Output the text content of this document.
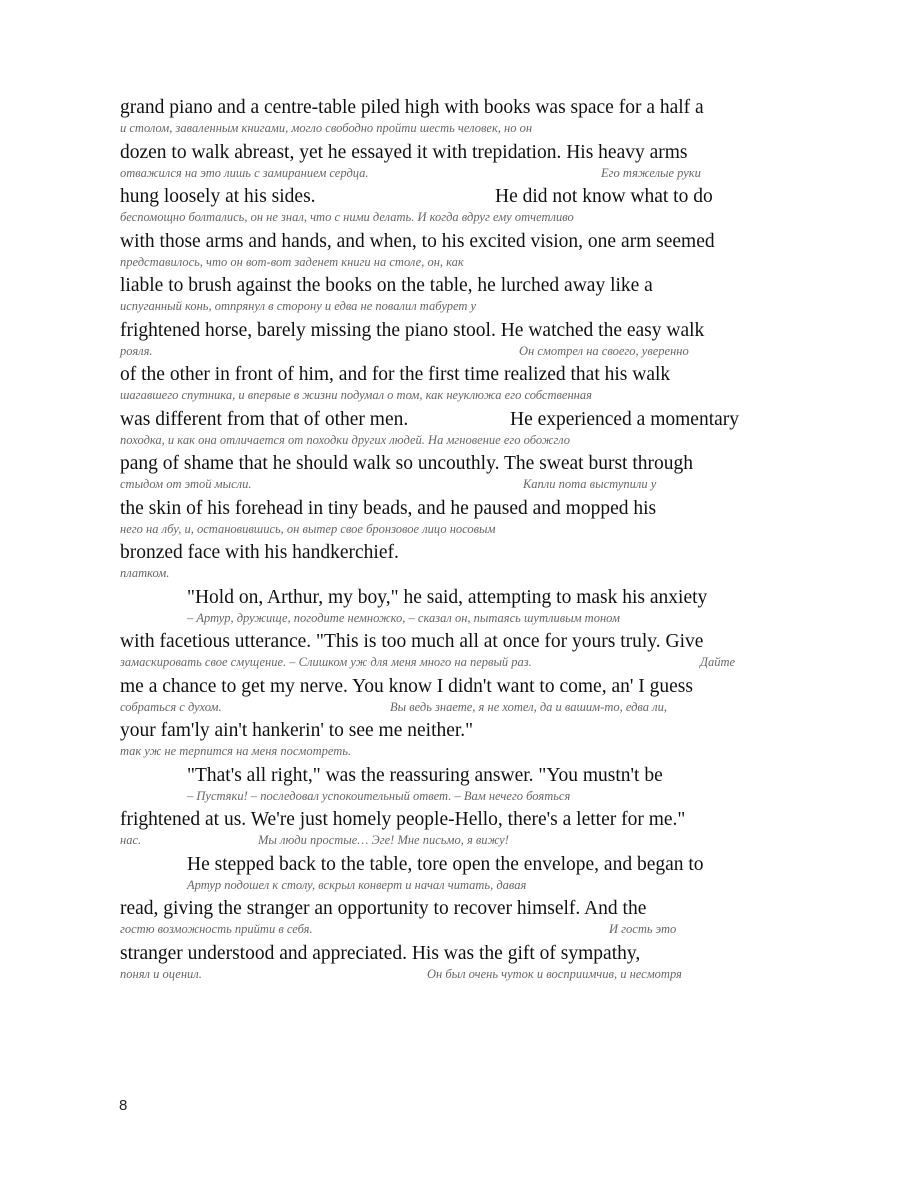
grand piano and a centre-table piled high with books was space for a half a
и столом, заваленным книгами, могло свободно пройти шесть человек, но он
dozen to walk abreast, yet he essayed it with trepidation. His heavy arms
отважился на это лишь с замиранием сердца.	Его тяжелые руки
hung loosely at his sides.	He did not know what to do
беспомощно болтались, он не знал, что с ними делать. И когда вдруг ему отчетливо
with those arms and hands, and when, to his excited vision, one arm seemed
представилось, что он вот-вот заденет книги на столе, он, как
liable to brush against the books on the table, he lurched away like a
испуганный конь, отпрянул в сторону и едва не повалил табурет у
frightened horse, barely missing the piano stool. He watched the easy walk
рояля.	Он смотрел на своего, уверенно
of the other in front of him, and for the first time realized that his walk
шагавшего спутника, и впервые в жизни подумал о том, как неуклюжа его собственная
was different from that of other men.	He experienced a momentary
походка, и как она отличается от походки других людей. На мгновение его обожгло
pang of shame that he should walk so uncouthly. The sweat burst through
стыдом от этой мысли.	Капли пота выступили у
the skin of his forehead in tiny beads, and he paused and mopped his
него на лбу, и, остановившись, он вытер свое бронзовое лицо носовым
bronzed face with his handkerchief.
платком.
"Hold on, Arthur, my boy," he said, attempting to mask his anxiety
– Артур, дружище, погодите немножко, – сказал он, пытаясь шутливым тоном
with facetious utterance. "This is too much all at once for yours truly. Give
замаскировать свое смущение. – Слишком уж для меня много на первый раз.	Дайте
me a chance to get my nerve. You know I didn't want to come, an' I guess
собраться с духом.	Вы ведь знаете, я не хотел, да и вашим-то, едва ли,
your fam'ly ain't hankerin' to see me neither."
так уж не терпится на меня посмотреть.
"That's all right," was the reassuring answer. "You mustn't be
– Пустяки! – последовал успокоительный ответ. – Вам нечего бояться
frightened at us. We're just homely people-Hello, there's a letter for me."
нас.	Мы люди простые… Эге! Мне письмо, я вижу!
He stepped back to the table, tore open the envelope, and began to
Артур подошел к столу, вскрыл конверт и начал читать, давая
read, giving the stranger an opportunity to recover himself. And the
гостю возможность прийти в себя.	И гость это
stranger understood and appreciated. His was the gift of sympathy,
понял и оценил.	Он был очень чуток и восприимчив, и несмотря
8
